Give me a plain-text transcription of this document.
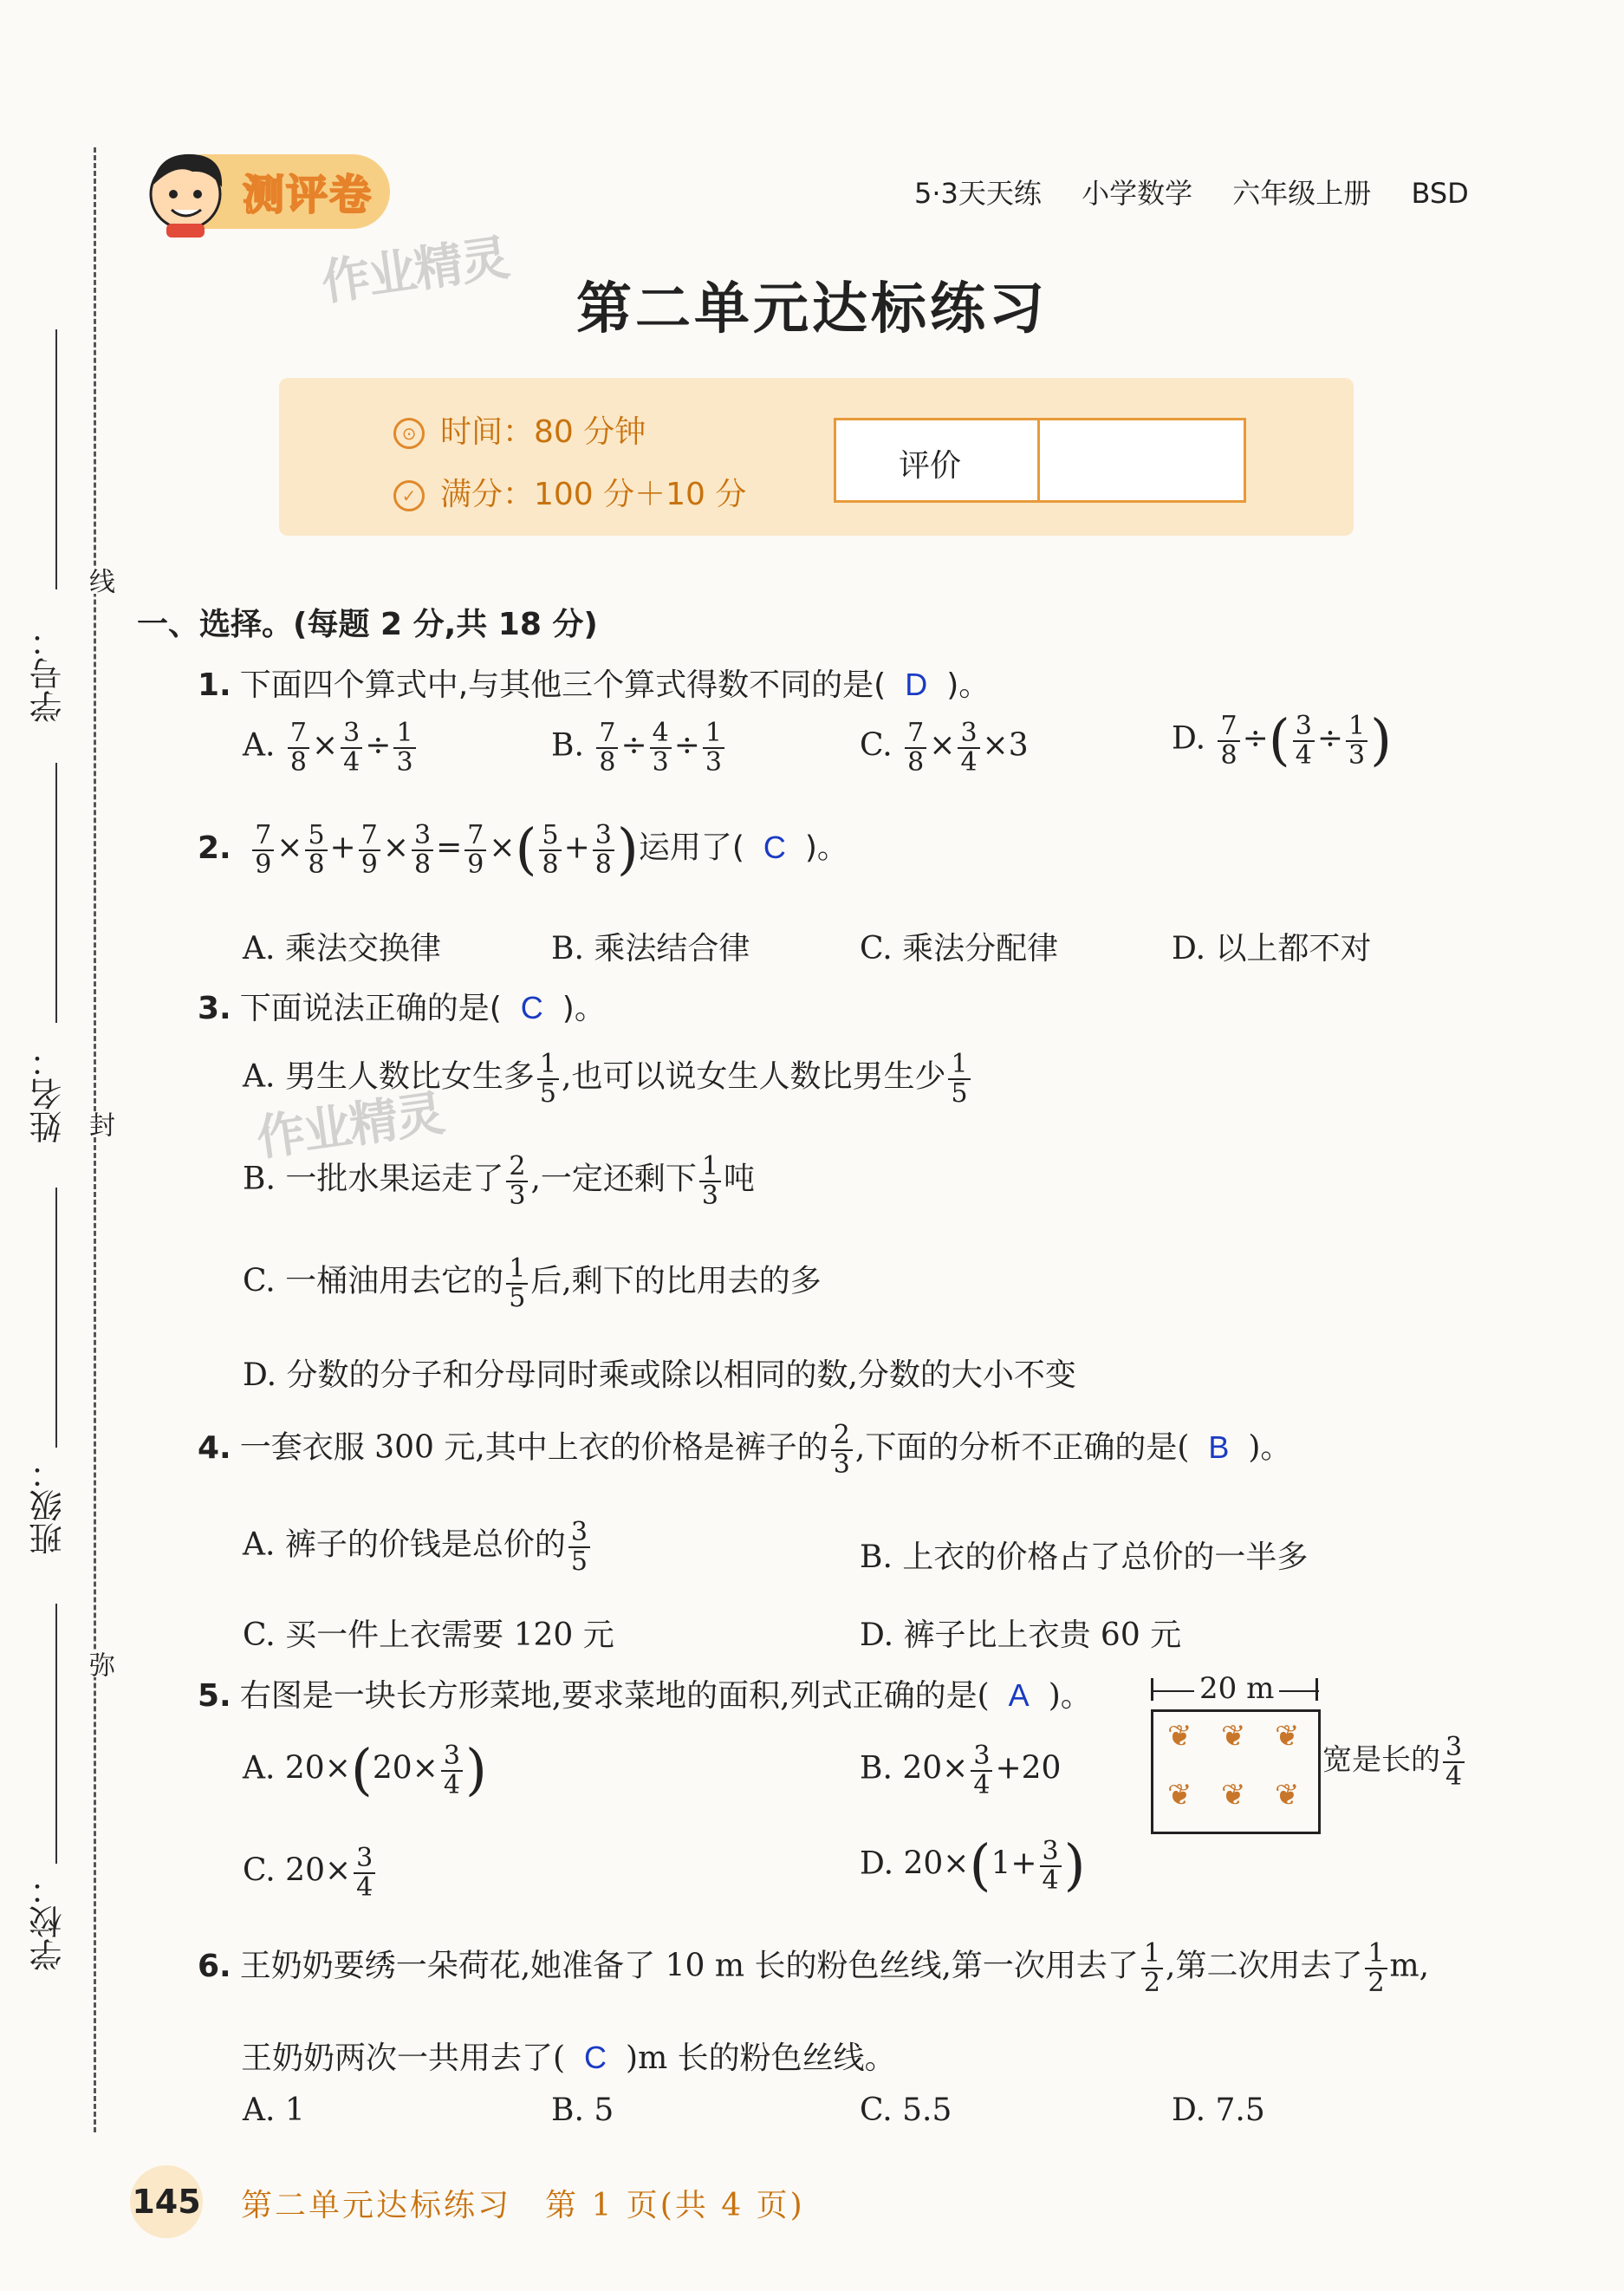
线
封
弥
学号：
姓名：
班级：
学校：
测评卷	5·3天天练 小学数学 六年级上册 BSD
作业精灵
作业精灵
第二单元达标练习
⊙ 时间：80 分钟
✓ 满分：100 分＋10 分
评价
一、选择。(每题 2 分,共 18 分)
1. 下面四个算式中,与其他三个算式得数不同的是( D )。
A. $\frac{7}{8} \times \frac{3}{4} \div \frac{1}{3}$	B. $\frac{7}{8} \div \frac{4}{3} \div \frac{1}{3}$	C. $\frac{7}{8} \times \frac{3}{4} \times 3$	D. $\frac{7}{8}$ ÷( $\frac{3}{4} \div \frac{1}{3}$ )
2. $\frac{7}{9} \times \frac{5}{8} + \frac{7}{9} \times \frac{3}{8} = \frac{7}{9}$ ×( $\frac{5}{8} + \frac{3}{8}$ )运用了( C )。
A. 乘法交换律	B. 乘法结合律	C. 乘法分配律	D. 以上都不对
3. 下面说法正确的是( C )。
A. 男生人数比女生多 $\frac{1}{5}$ ,也可以说女生人数比男生少 $\frac{1}{5}$
B. 一批水果运走了 $\frac{2}{3}$ ,一定还剩下 $\frac{1}{3}$ 吨
C. 一桶油用去它的 $\frac{1}{5}$ 后,剩下的比用去的多
D. 分数的分子和分母同时乘或除以相同的数,分数的大小不变
4. 一套衣服 300 元,其中上衣的价格是裤子的 $\frac{2}{3}$ ,下面的分析不正确的是( B )。
A. 裤子的价钱是总价的 $\frac{3}{5}$	B. 上衣的价格占了总价的一半多
C. 买一件上衣需要 120 元	D. 裤子比上衣贵 60 元
5. 右图是一块长方形菜地,要求菜地的面积,列式正确的是( A )。
A. $20\times(20\times \frac{3}{4}$ )	B. $20\times \frac{3}{4} +20$
C. $20\times \frac{3}{4}$	D. $20\times(1+ \frac{3}{4}$ )
20 m
❦ ❦ ❦
❦ ❦ ❦
宽是长的 $\frac{3}{4}$
6. 王奶奶要绣一朵荷花,她准备了 10 m 长的粉色丝线,第一次用去了 $\frac{1}{2}$ ,第二次用去了 $\frac{1}{2} m$,
王奶奶两次一共用去了( C )m 长的粉色丝线。
A. 1	B. 5	C. 5.5	D. 7.5
145 第二单元达标练习　第 1 页(共 4 页)
